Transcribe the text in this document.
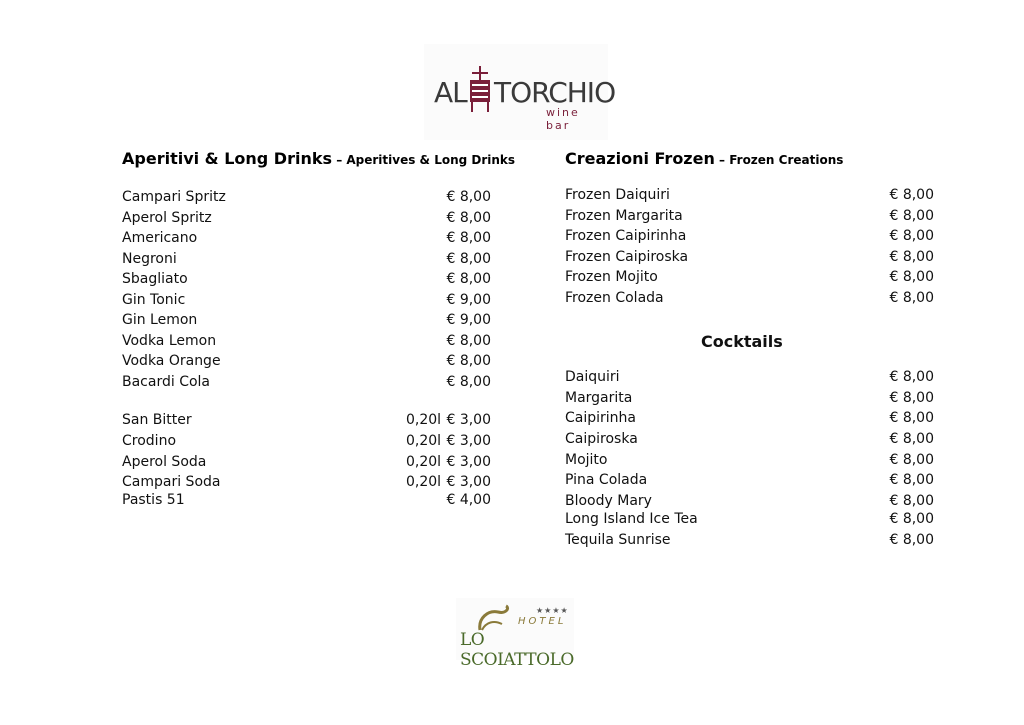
AL TORCHIO
wine bar
Aperitivi & Long Drinks – Aperitives & Long Drinks
Campari Spritz	€ 8,00
Aperol Spritz	€ 8,00
Americano	€ 8,00
Negroni	€ 8,00
Sbagliato	€ 8,00
Gin Tonic	€ 9,00
Gin Lemon	€ 9,00
Vodka Lemon	€ 8,00
Vodka Orange	€ 8,00
Bacardi Cola	€ 8,00
San Bitter	0,20l € 3,00
Crodino	0,20l € 3,00
Aperol Soda	0,20l € 3,00
Campari Soda	0,20l € 3,00
Pastis 51	€ 4,00
Creazioni Frozen – Frozen Creations
Frozen Daiquiri	€ 8,00
Frozen Margarita	€ 8,00
Frozen Caipirinha	€ 8,00
Frozen Caipiroska	€ 8,00
Frozen Mojito	€ 8,00
Frozen Colada	€ 8,00
Cocktails
Daiquiri	€ 8,00
Margarita	€ 8,00
Caipirinha	€ 8,00
Caipiroska	€ 8,00
Mojito	€ 8,00
Pina Colada	€ 8,00
Bloody Mary	€ 8,00
Long Island Ice Tea	€ 8,00
Tequila Sunrise	€ 8,00
★★★★
HOTEL
LO SCOIATTOLO
